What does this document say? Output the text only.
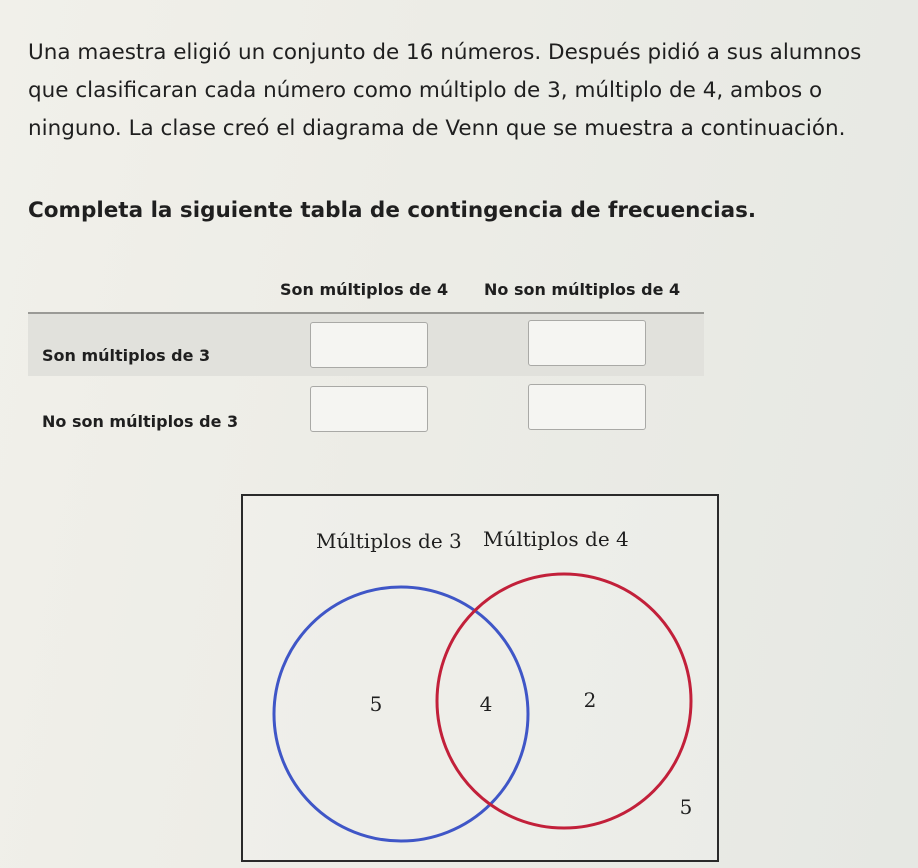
Una maestra eligió un conjunto de 16 números. Después pidió a sus alumnos que clasificaran cada número como múltiplo de 3, múltiplo de 4, ambos o ninguno. La clase creó el diagrama de Venn que se muestra a continuación.
Completa la siguiente tabla de contingencia de frecuencias.
Son múltiplos de 4 No son múltiplos de 4
Son múltiplos de 3
No son múltiplos de 3
Múltiplos de 3 Múltiplos de 4
5	4	2
5
